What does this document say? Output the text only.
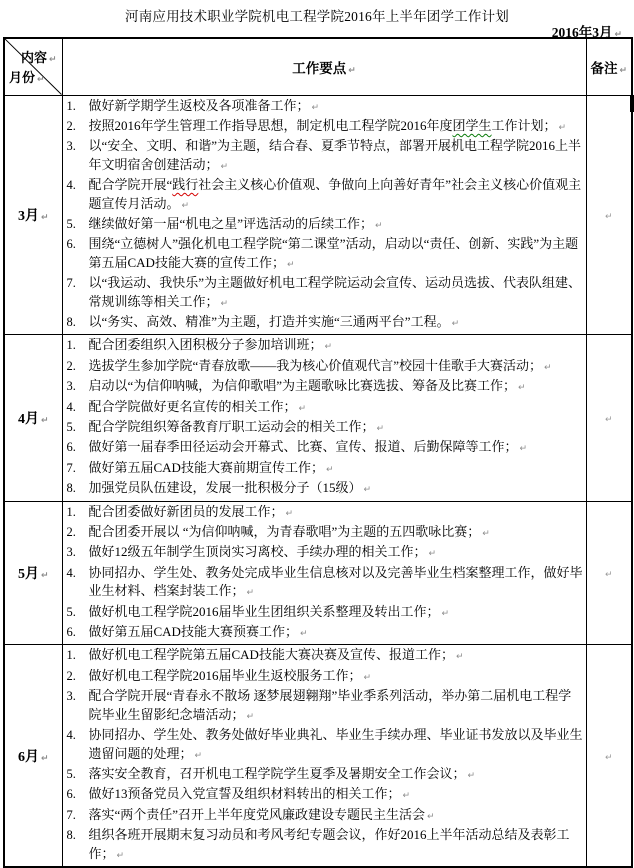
河南应用技术职业学院机电工程学院2016年上半年团学工作计划
2016年3月 ↵
内容 ↵
月份 ↵	工作要点 ↵	备注 ↵
3月 ↵	
1. 做好新学期学生返校及各项准备工作； ↵
2. 按照2016年学生管理工作指导思想，制定机电工程学院2016年度团学生工作计划； ↵
3. 以“安全、文明、和谐”为主题，结合春、夏季节特点，部署开展机电工程学院2016上半年文明宿舍创建活动； ↵
4. 配合学院开展“践行社会主义核心价值观、争做向上向善好青年”社会主义核心价值观主题宣传月活动。 ↵
5. 继续做好第一届“机电之星”评选活动的后续工作； ↵
6. 围绕“立德树人”强化机电工程学院“第二课堂”活动，启动以“责任、创新、实践”为主题第五届CAD技能大赛的宣传工作； ↵
7. 以“我运动、我快乐”为主题做好机电工程学院运动会宣传、运动员选拔、代表队组建、常规训练等相关工作； ↵
8. 以“务实、高效、精准”为主题，打造并实施“三通两平台”工程。 ↵
	↵
4月 ↵	
1. 配合团委组织入团积极分子参加培训班； ↵
2. 选拔学生参加学院“青春放歌——我为核心价值观代言”校园十佳歌手大赛活动； ↵
3. 启动以“为信仰呐喊，为信仰歌唱”为主题歌咏比赛选拔、筹备及比赛工作； ↵
4. 配合学院做好更名宣传的相关工作； ↵
5. 配合学院组织筹备教育厅职工运动会的相关工作； ↵
6. 做好第一届春季田径运动会开幕式、比赛、宣传、报道、后勤保障等工作； ↵
7. 做好第五届CAD技能大赛前期宣传工作； ↵
8. 加强党员队伍建设，发展一批积极分子（15级） ↵
	↵
5月 ↵	
1. 配合团委做好新团员的发展工作； ↵
2. 配合团委开展以 “为信仰呐喊，为青春歌唱”为主题的五四歌咏比赛； ↵
3. 做好12级五年制学生顶岗实习离校、手续办理的相关工作； ↵
4. 协同招办、学生处、教务处完成毕业生信息核对以及完善毕业生档案整理工作，做好毕业生材料、档案封装工作； ↵
5. 做好机电工程学院2016届毕业生团组织关系整理及转出工作； ↵
6. 做好第五届CAD技能大赛预赛工作； ↵
	↵
6月 ↵	
1. 做好机电工程学院第五届CAD技能大赛决赛及宣传、报道工作； ↵
2. 做好机电工程学院2016届毕业生返校服务工作； ↵
3. 配合学院开展“青春永不散场 逐梦展翅翱翔”毕业季系列活动，举办第二届机电工程学院毕业生留影纪念墙活动； ↵
4. 协同招办、学生处、教务处做好毕业典礼、毕业生手续办理、毕业证书发放以及毕业生遗留问题的处理； ↵
5. 落实安全教育，召开机电工程学院学生夏季及暑期安全工作会议； ↵
6. 做好13预备党员入党宣誓及组织材料转出的相关工作； ↵
7. 落实“两个责任”召开上半年度党风廉政建设专题民主生活会 ↵
8. 组织各班开展期末复习动员和考风考纪专题会议，作好2016上半年活动总结及表彰工作； ↵
	↵
